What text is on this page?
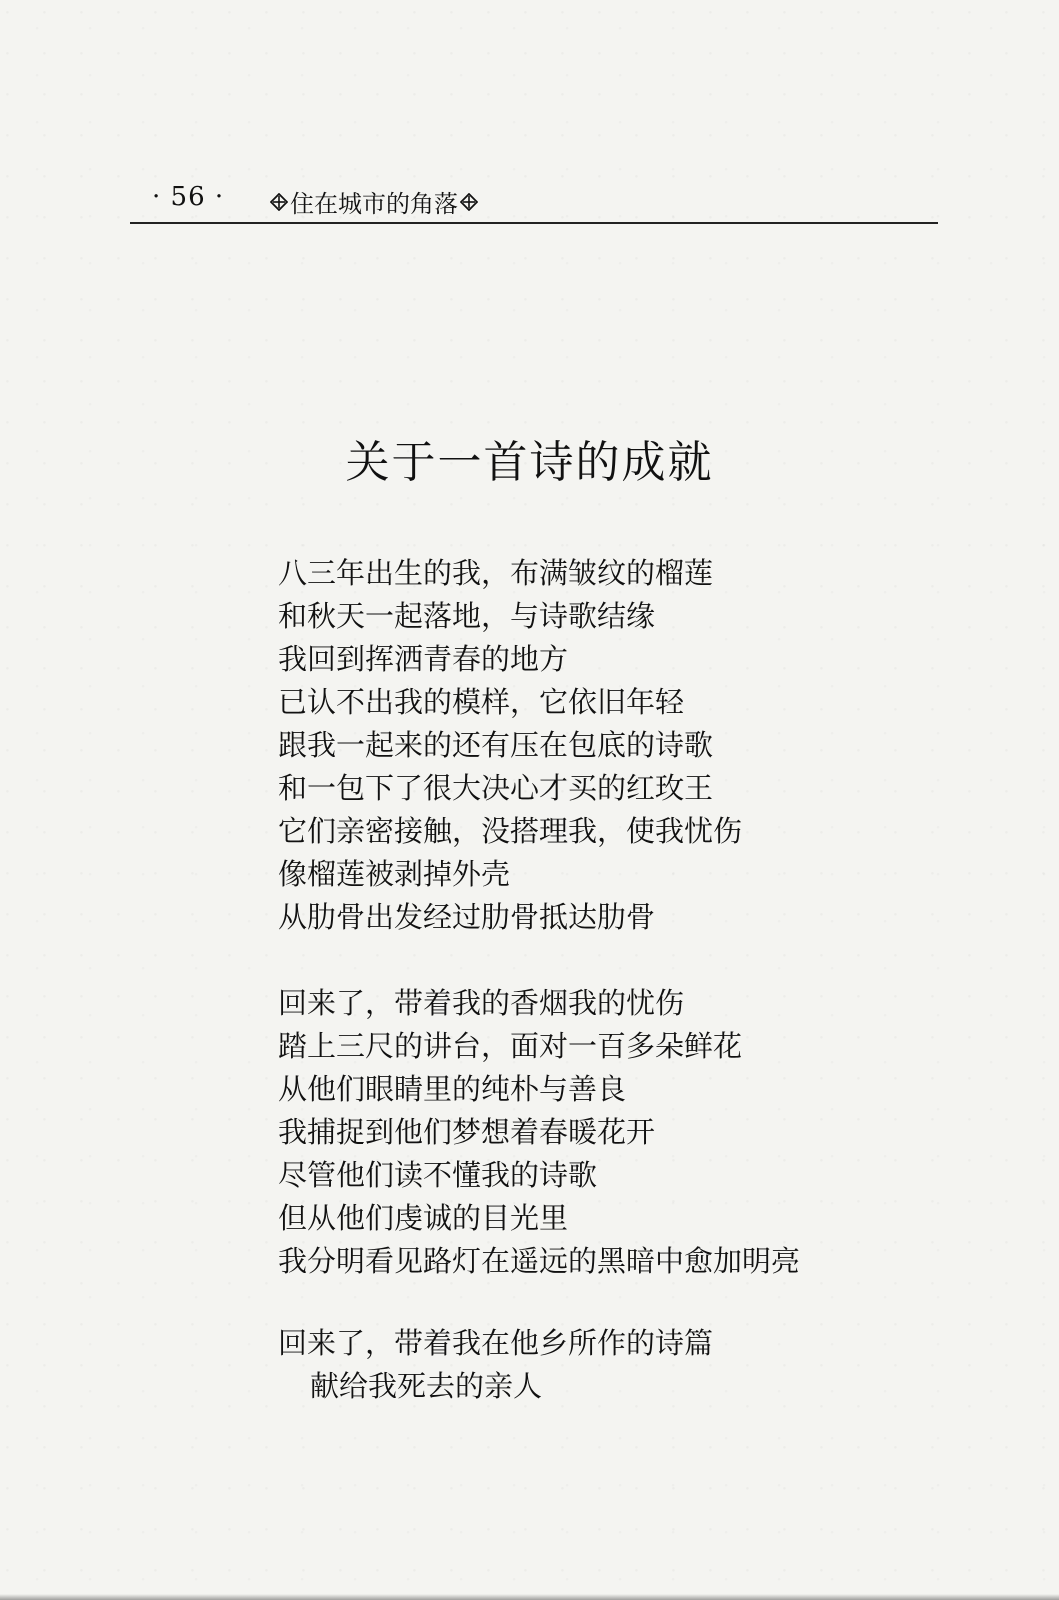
· 56 ·	住在城市的角落
关于一首诗的成就
八三年出生的我，布满皱纹的榴莲
和秋天一起落地，与诗歌结缘
我回到挥洒青春的地方
已认不出我的模样，它依旧年轻
跟我一起来的还有压在包底的诗歌
和一包下了很大决心才买的红玫王
它们亲密接触，没搭理我，使我忧伤
像榴莲被剥掉外壳
从肋骨出发经过肋骨抵达肋骨
回来了，带着我的香烟我的忧伤
踏上三尺的讲台，面对一百多朵鲜花
从他们眼睛里的纯朴与善良
我捕捉到他们梦想着春暖花开
尽管他们读不懂我的诗歌
但从他们虔诚的目光里
我分明看见路灯在遥远的黑暗中愈加明亮
回来了，带着我在他乡所作的诗篇
献给我死去的亲人
